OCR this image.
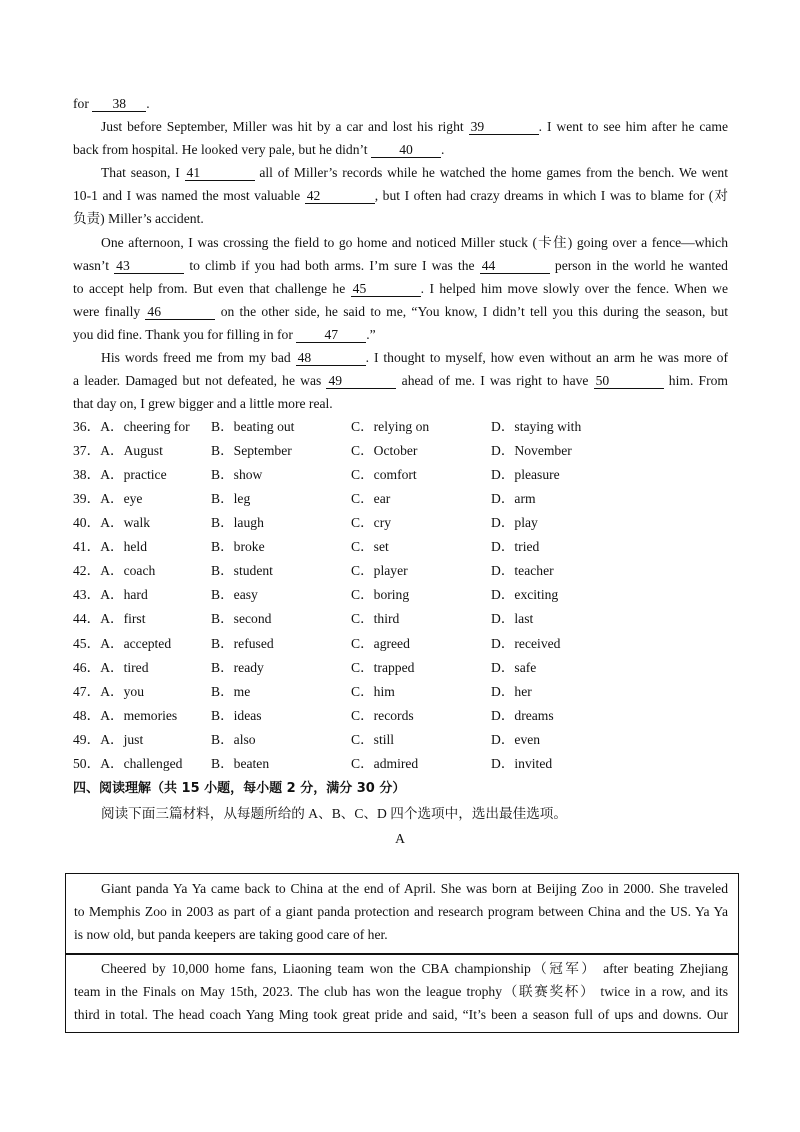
for 38 .
Just before September, Miller was hit by a car and lost his right 39	. I went to see him after he came
back from hospital. He looked very pale, but he didn’t 40 .
That season, I 41	all of Miller’s records while he watched the home games from the bench. We went
10-1 and I was named the most valuable 42	, but I often had crazy dreams in which I was to blame for (对
负责) Miller’s accident.
One afternoon, I was crossing the field to go home and noticed Miller stuck (卡住) going over a fence—which
wasn’t 43	to climb if you had both arms. I’m sure I was the 44	person in the world he wanted
to accept help from. But even that challenge he 45	. I helped him move slowly over the fence. When we
were finally 46	on the other side, he said to me, “You know, I didn’t tell you this during the season, but
you did fine. Thank you for filling in for 47 .”
His words freed me from my bad 48	. I thought to myself, how even without an arm he was more of
a leader. Damaged but not defeated, he was 49	ahead of me. I was right to have 50	him. From
that day on, I grew bigger and a little more real.
36．A．cheering for B．beating out	C．relying on	D．staying with
37．A．August	B．September	C．October	D．November
38．A．practice	B．show	C．comfort	D．pleasure
39．A．eye	B．leg	C．ear	D．arm
40．A．walk	B．laugh	C．cry	D．play
41．A．held	B．broke	C．set	D．tried
42．A．coach	B．student	C．player	D．teacher
43．A．hard	B．easy	C．boring	D．exciting
44．A．first	B．second	C．third	D．last
45．A．accepted	B．refused	C．agreed	D．received
46．A．tired	B．ready	C．trapped	D．safe
47．A．you	B．me	C．him	D．her
48．A．memories B．ideas	C．records	D．dreams
49．A．just	B．also	C．still	D．even
50．A．challenged B．beaten	C．admired	D．invited
四、阅读理解（共 15 小题，每小题 2 分，满分 30 分）
阅读下面三篇材料，从每题所给的 A、B、C、D 四个选项中，选出最佳选项。
A
Giant panda Ya Ya came back to China at the end of April. She was born at Beijing Zoo in 2000. She traveled
to Memphis Zoo in 2003 as part of a giant panda protection and research program between China and the US. Ya Ya
is now old, but panda keepers are taking good care of her.
Cheered by 10,000 home fans, Liaoning team won the CBA championship（冠军） after beating Zhejiang
team in the Finals on May 15th, 2023. The club has won the league trophy（联赛奖杯） twice in a row, and its
third in total. The head coach Yang Ming took great pride and said, “It’s been a season full of ups and downs. Our
